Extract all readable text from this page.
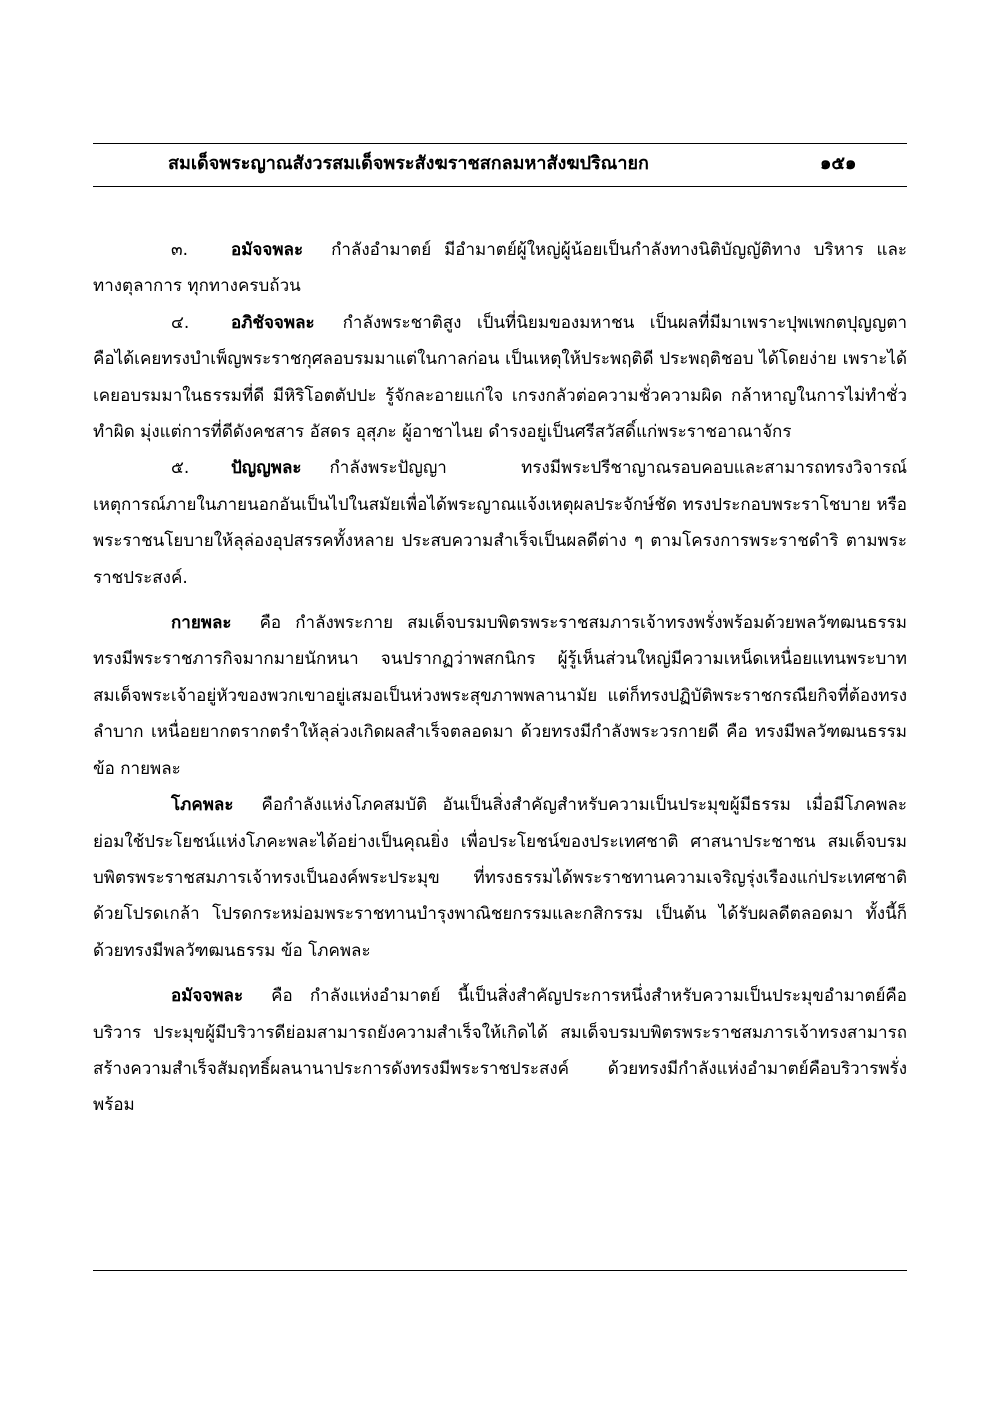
สมเด็จพระญาณสังวรสมเด็จพระสังฆราชสกลมหาสังฆปริณายก	๑๕๑

๓.	อมัจจพละ กำลังอำมาตย์ มีอำมาตย์ผู้ใหญ่ผู้น้อยเป็นกำลังทางนิติบัญญัติทาง บริหาร และทางตุลาการ ทุกทางครบถ้วน

๔. อภิชัจจพละ กำลังพระชาติสูง เป็นที่นิยมของมหาชน เป็นผลที่มีมาเพราะปุพเพกตปุญญตา คือได้เคยทรงบำเพ็ญพระราชกุศลอบรมมาแต่ในกาลก่อน เป็นเหตุให้ประพฤติดี ประพฤติชอบ ได้โดยง่าย เพราะได้เคยอบรมมาในธรรมที่ดี มีหิริโอตตัปปะ รู้จักละอายแก่ใจ เกรงกลัวต่อความชั่วความผิด กล้าหาญในการไม่ทำชั่วทำผิด มุ่งแต่การที่ดีดังคชสาร อัสดร อุสุภะ ผู้อาชาไนย ดำรงอยู่เป็นศรีสวัสดิ์แก่พระราชอาณาจักร

๕. ปัญญพละ กำลังพระปัญญา ทรงมีพระปรีชาญาณรอบคอบและสามารถทรงวิจารณ์เหตุการณ์ภายในภายนอกอันเป็นไปในสมัยเพื่อได้พระญาณแจ้งเหตุผลประจักษ์ชัด ทรงประกอบพระราโชบาย หรือพระราชนโยบายให้ลุล่องอุปสรรคทั้งหลาย ประสบความสำเร็จเป็นผลดีต่าง ๆ ตามโครงการพระราชดำริ ตามพระราชประสงค์.

กายพละ คือ กำลังพระกาย สมเด็จบรมบพิตรพระราชสมภารเจ้าทรงพรั่งพร้อมด้วยพลวัฑฒนธรรม ทรงมีพระราชภารกิจมากมายนักหนา จนปรากฏว่าพสกนิกร ผู้รู้เห็นส่วนใหญ่มีความเหน็ดเหนื่อยแทนพระบาทสมเด็จพระเจ้าอยู่หัวของพวกเขาอยู่เสมอเป็นห่วงพระสุขภาพพลานามัย แต่ก็ทรงปฏิบัติพระราชกรณียกิจที่ต้องทรงลำบาก เหนื่อยยากตรากตรำให้ลุล่วงเกิดผลสำเร็จตลอดมา ด้วยทรงมีกำลังพระวรกายดี คือ ทรงมีพลวัฑฒนธรรม ข้อ กายพละ

โภคพละ คือกำลังแห่งโภคสมบัติ อันเป็นสิ่งสำคัญสำหรับความเป็นประมุขผู้มีธรรม เมื่อมีโภคพละ ย่อมใช้ประโยชน์แห่งโภคะพละได้อย่างเป็นคุณยิ่ง เพื่อประโยชน์ของประเทศชาติ ศาสนาประชาชน สมเด็จบรมบพิตรพระราชสมภารเจ้าทรงเป็นองค์พระประมุข ที่ทรงธรรมได้พระราชทานความเจริญรุ่งเรืองแก่ประเทศชาติด้วยโปรดเกล้า โปรดกระหม่อมพระราชทานบำรุงพาณิชยกรรมและกสิกรรม เป็นต้น ได้รับผลดีตลอดมา ทั้งนี้ก็ด้วยทรงมีพลวัฑฒนธรรม ข้อ โภคพละ

อมัจจพละ คือ กำลังแห่งอำมาตย์ นี้เป็นสิ่งสำคัญประการหนึ่งสำหรับความเป็นประมุขอำมาตย์คือบริวาร ประมุขผู้มีบริวารดีย่อมสามารถยังความสำเร็จให้เกิดได้ สมเด็จบรมบพิตรพระราชสมภารเจ้าทรงสามารถสร้างความสำเร็จสัมฤทธิ์ผลนานาประการดังทรงมีพระราชประสงค์ ด้วยทรงมีกำลังแห่งอำมาตย์คือบริวารพรั่งพร้อม
